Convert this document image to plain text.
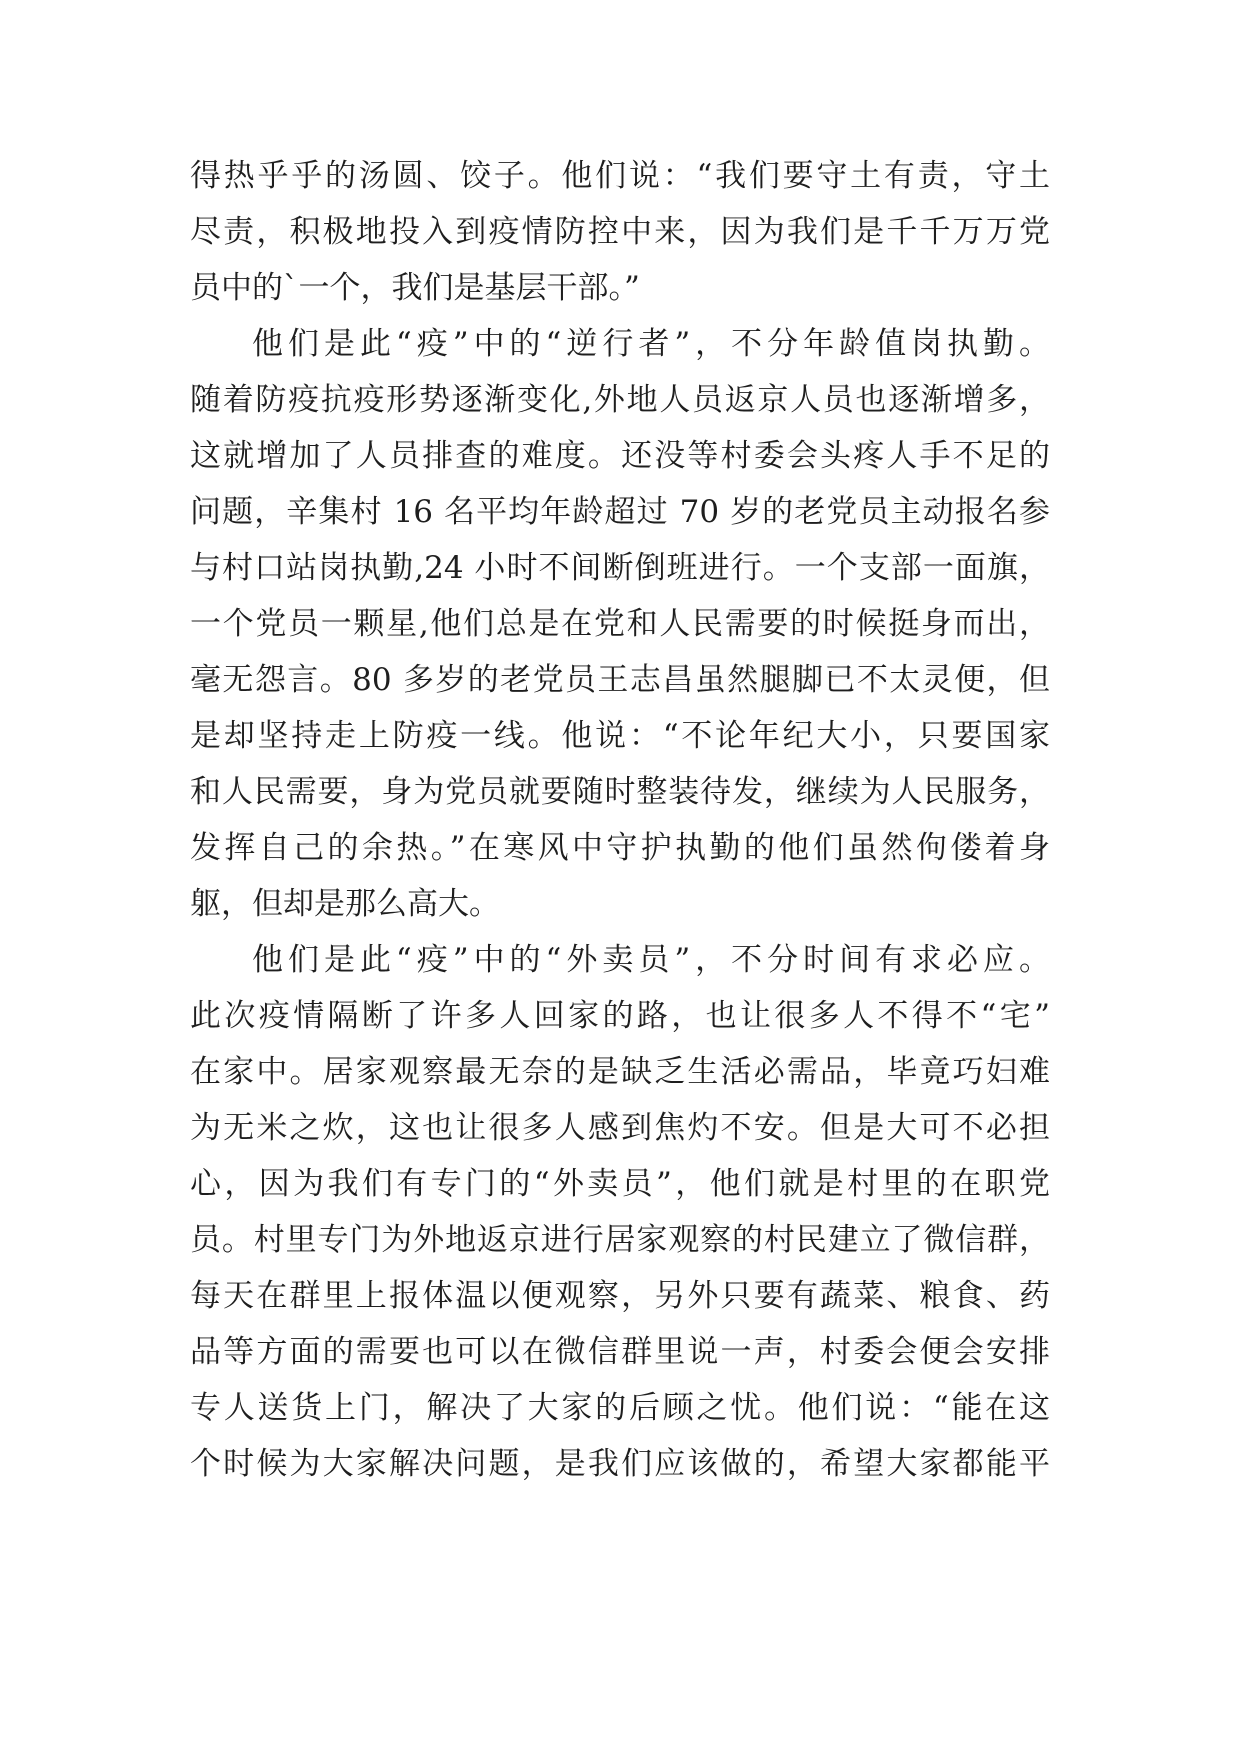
得热乎乎的汤圆、饺子。他们说：“我们要守土有责，守土
尽责，积极地投入到疫情防控中来，因为我们是千千万万党
员中的`一个，我们是基层干部。”
他们是此“疫”中的“逆行者”，不分年龄值岗执勤。
随着防疫抗疫形势逐渐变化,外地人员返京人员也逐渐增多，
这就增加了人员排查的难度。还没等村委会头疼人手不足的
问题，辛集村 16 名平均年龄超过 70 岁的老党员主动报名参
与村口站岗执勤,24 小时不间断倒班进行。一个支部一面旗，
一个党员一颗星,他们总是在党和人民需要的时候挺身而出，
毫无怨言。80 多岁的老党员王志昌虽然腿脚已不太灵便，但
是却坚持走上防疫一线。他说：“不论年纪大小，只要国家
和人民需要，身为党员就要随时整装待发，继续为人民服务，
发挥自己的余热。”在寒风中守护执勤的他们虽然佝偻着身
躯，但却是那么高大。
他们是此“疫”中的“外卖员”，不分时间有求必应。
此次疫情隔断了许多人回家的路，也让很多人不得不“宅”
在家中。居家观察最无奈的是缺乏生活必需品，毕竟巧妇难
为无米之炊，这也让很多人感到焦灼不安。但是大可不必担
心，因为我们有专门的“外卖员”，他们就是村里的在职党
员。村里专门为外地返京进行居家观察的村民建立了微信群，
每天在群里上报体温以便观察，另外只要有蔬菜、粮食、药
品等方面的需要也可以在微信群里说一声，村委会便会安排
专人送货上门，解决了大家的后顾之忧。他们说：“能在这
个时候为大家解决问题，是我们应该做的，希望大家都能平
